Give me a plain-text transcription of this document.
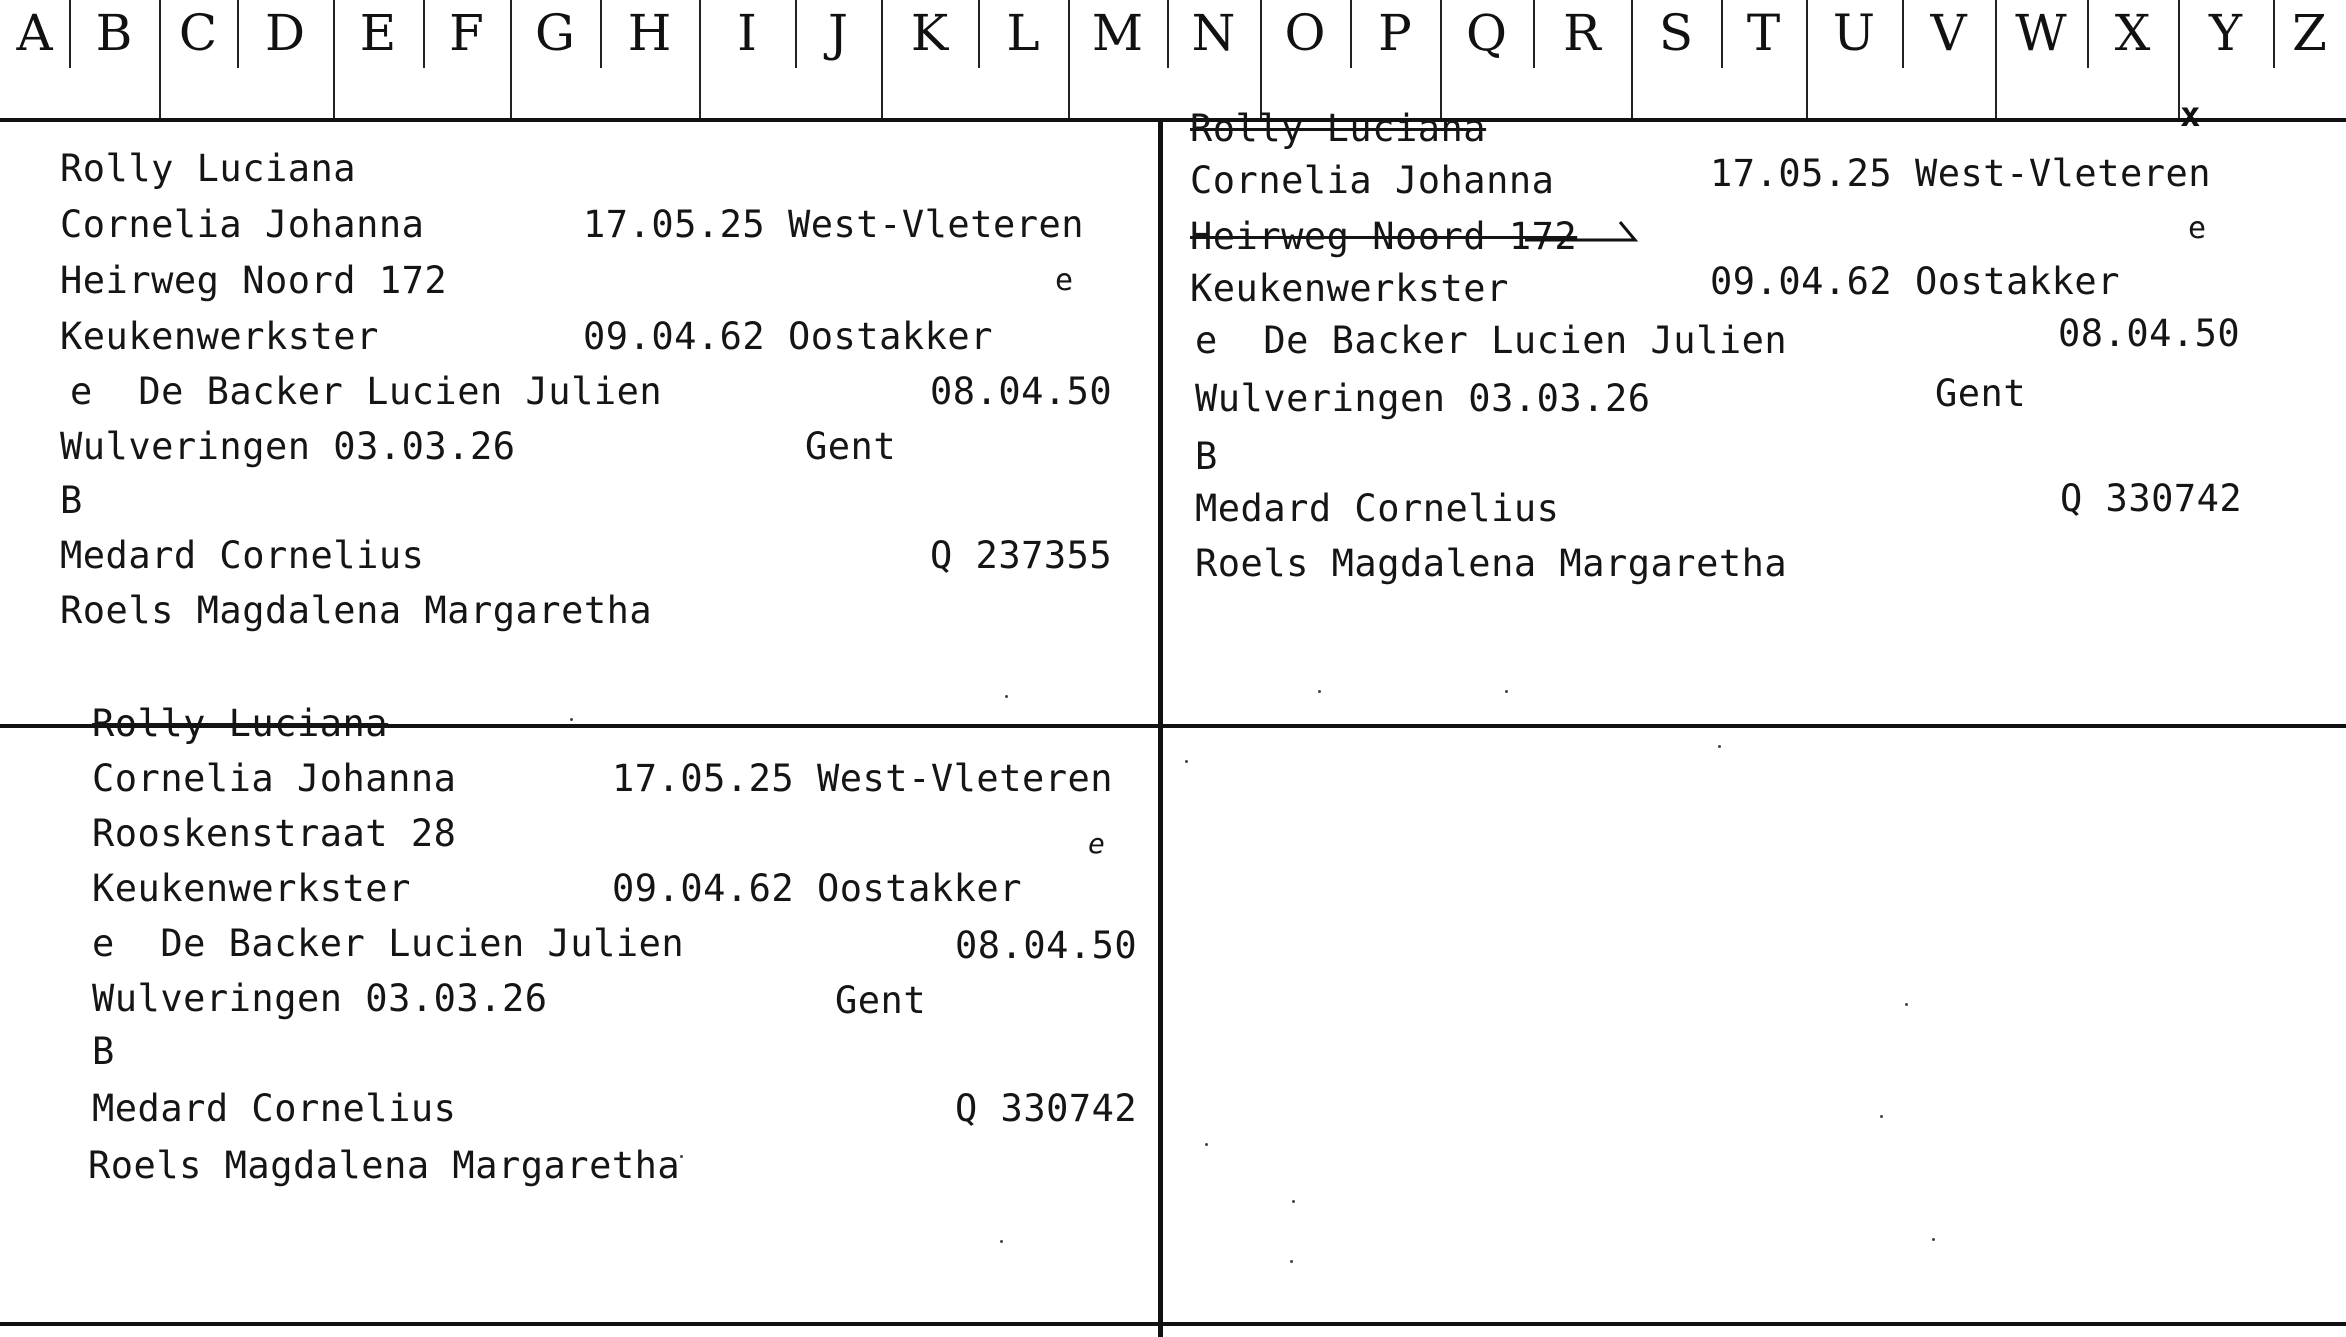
A B C D	E	F	G	H	I	J	K	L	M N O	P	Q	R	S	T	U	V W X	Y	Z
Rolly Luciana
Cornelia Johanna	17.05.25 West-Vleteren
Heirweg Noord 172	e
Keukenwerkster	09.04.62 Oostakker
e  De Backer Lucien Julien	08.04.50
Wulveringen 03.03.26	Gent
B
Medard Cornelius	Q 237355
Roels Magdalena Margaretha
Rolly Luciana	x
Cornelia Johanna	17.05.25 West-Vleteren
Heirweg Noord 172	e
Keukenwerkster	09.04.62 Oostakker
e  De Backer Lucien Julien	08.04.50
Wulveringen 03.03.26	Gent
B
Medard Cornelius	Q 330742
Roels Magdalena Margaretha
Rolly Luciana
Cornelia Johanna	17.05.25 West-Vleteren
Rooskenstraat 28	e
Keukenwerkster	09.04.62 Oostakker
e  De Backer Lucien Julien	08.04.50
Wulveringen 03.03.26	Gent
B
Medard Cornelius	Q 330742
Roels Magdalena Margaretha
